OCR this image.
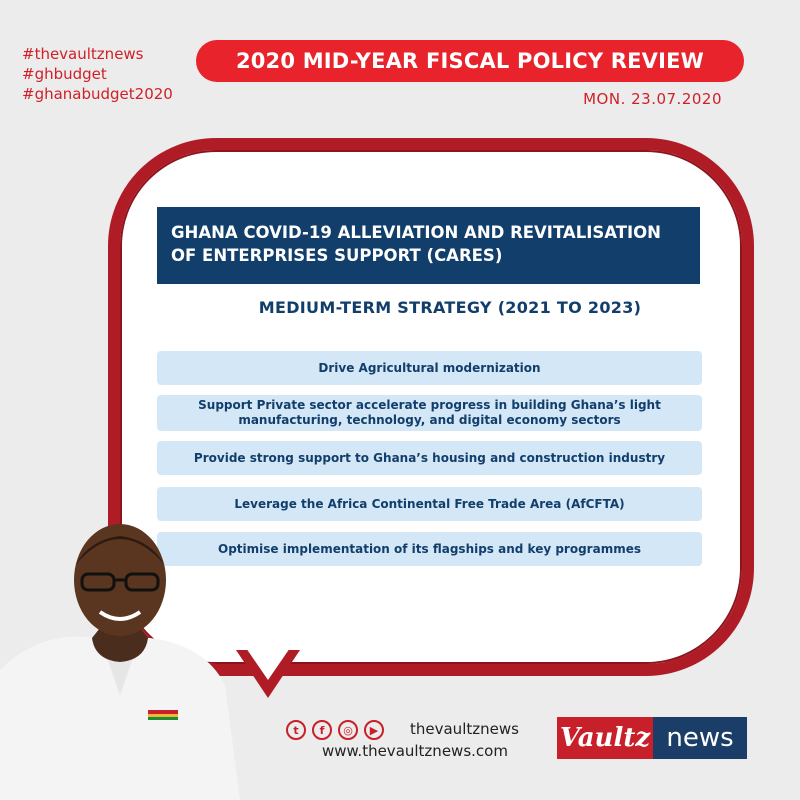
#thevaultznews
#ghbudget
#ghanabudget2020
2020 MID-YEAR FISCAL POLICY REVIEW
MON. 23.07.2020
GHANA COVID-19 ALLEVIATION AND REVITALISATION OF ENTERPRISES SUPPORT (CARES)
MEDIUM-TERM STRATEGY (2021 TO 2023)
Drive Agricultural modernization
Support Private sector accelerate progress in building Ghana’s light manufacturing, technology, and digital economy sectors
Provide strong support to Ghana’s housing and construction industry
Leverage the Africa Continental Free Trade Area (AfCFTA)
Optimise implementation of its flagships and key programmes
t	f	◎	▶	thevaultznews
www.thevaultznews.com Vaultz news
